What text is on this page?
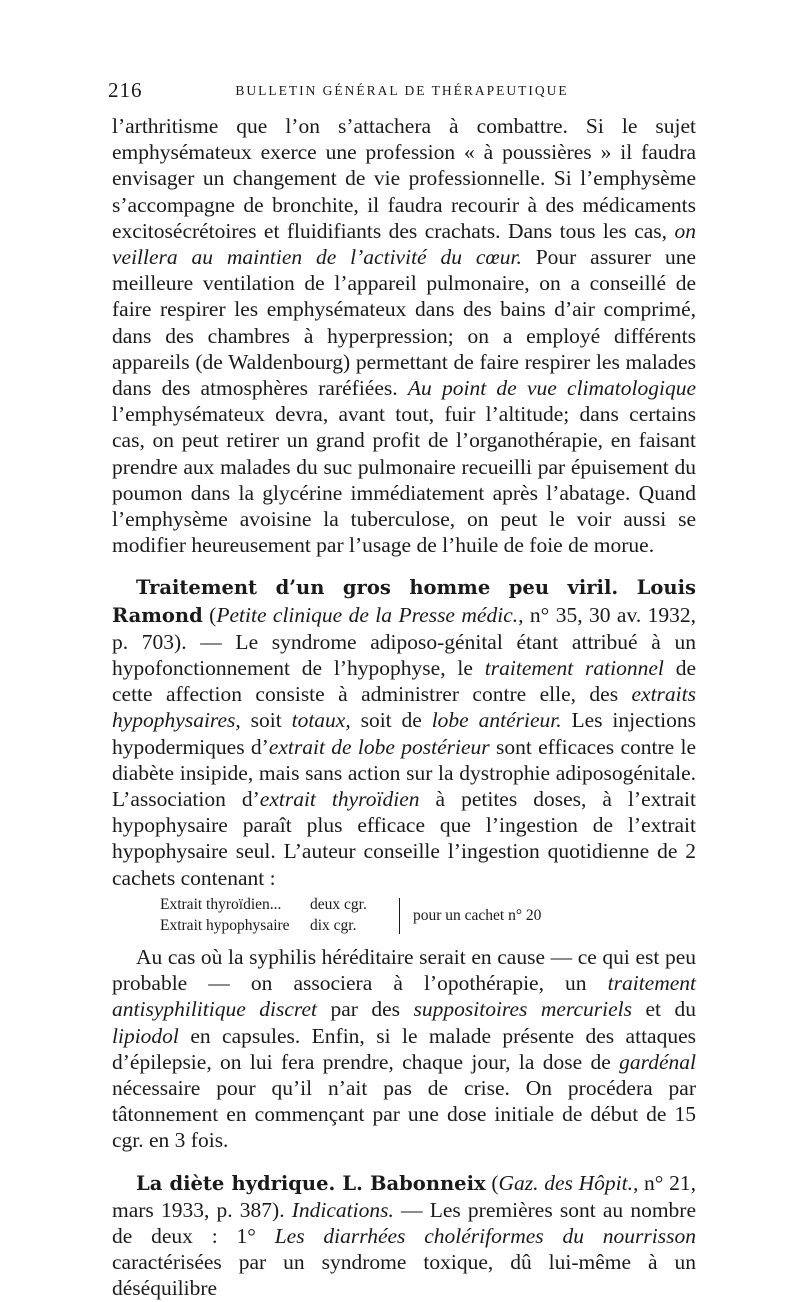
216	BULLETIN GÉNÉRAL DE THÉRAPEUTIQUE

l’arthritisme que l’on s’attachera à combattre. Si le sujet emphysémateux exerce une profession « à poussières » il faudra envisager un changement de vie professionnelle. Si l’emphysème s’accompagne de bronchite, il faudra recourir à des médicaments excitosécrétoires et fluidifiants des crachats. Dans tous les cas, on veillera au maintien de l’activité du cœur. Pour assurer une meilleure ventilation de l’appareil pulmonaire, on a conseillé de faire respirer les emphysémateux dans des bains d’air comprimé, dans des chambres à hyperpression; on a employé différents appareils (de Waldenbourg) permettant de faire respirer les malades dans des atmosphères raréfiées. Au point de vue climatologique l’emphysémateux devra, avant tout, fuir l’altitude; dans certains cas, on peut retirer un grand profit de l’organothérapie, en faisant prendre aux malades du suc pulmonaire recueilli par épuisement du poumon dans la glycérine immédiatement après l’abatage. Quand l’emphysème avoisine la tuberculose, on peut le voir aussi se modifier heureusement par l’usage de l’huile de foie de morue.

Traitement d’un gros homme peu viril. Louis Ramond (Petite clinique de la Presse médic., n° 35, 30 av. 1932, p. 703). — Le syndrome adiposo-génital étant attribué à un hypofonctionnement de l’hypophyse, le traitement rationnel de cette affection consiste à administrer contre elle, des extraits hypophysaires, soit totaux, soit de lobe antérieur. Les injections hypodermiques d’extrait de lobe postérieur sont efficaces contre le diabète insipide, mais sans action sur la dystrophie adiposogénitale. L’association d’extrait thyroïdien à petites doses, à l’extrait hypophysaire paraît plus efficace que l’ingestion de l’extrait hypophysaire seul. L’auteur conseille l’ingestion quotidienne de 2 cachets contenant :

Extrait thyroïdien... deux cgr.
Extrait hypophysaire dix cgr.
pour un cachet n° 20

Au cas où la syphilis héréditaire serait en cause — ce qui est peu probable — on associera à l’opothérapie, un traitement antisyphilitique discret par des suppositoires mercuriels et du lipiodol en capsules. Enfin, si le malade présente des attaques d’épilepsie, on lui fera prendre, chaque jour, la dose de gardénal nécessaire pour qu’il n’ait pas de crise. On procédera par tâtonnement en commençant par une dose initiale de début de 15 cgr. en 3 fois.

La diète hydrique. L. Babonneix (Gaz. des Hôpit., n° 21, mars 1933, p. 387). Indications. — Les premières sont au nombre de deux : 1° Les diarrhées cholériformes du nourrisson caractérisées par un syndrome toxique, dû lui-même à un déséquilibre
